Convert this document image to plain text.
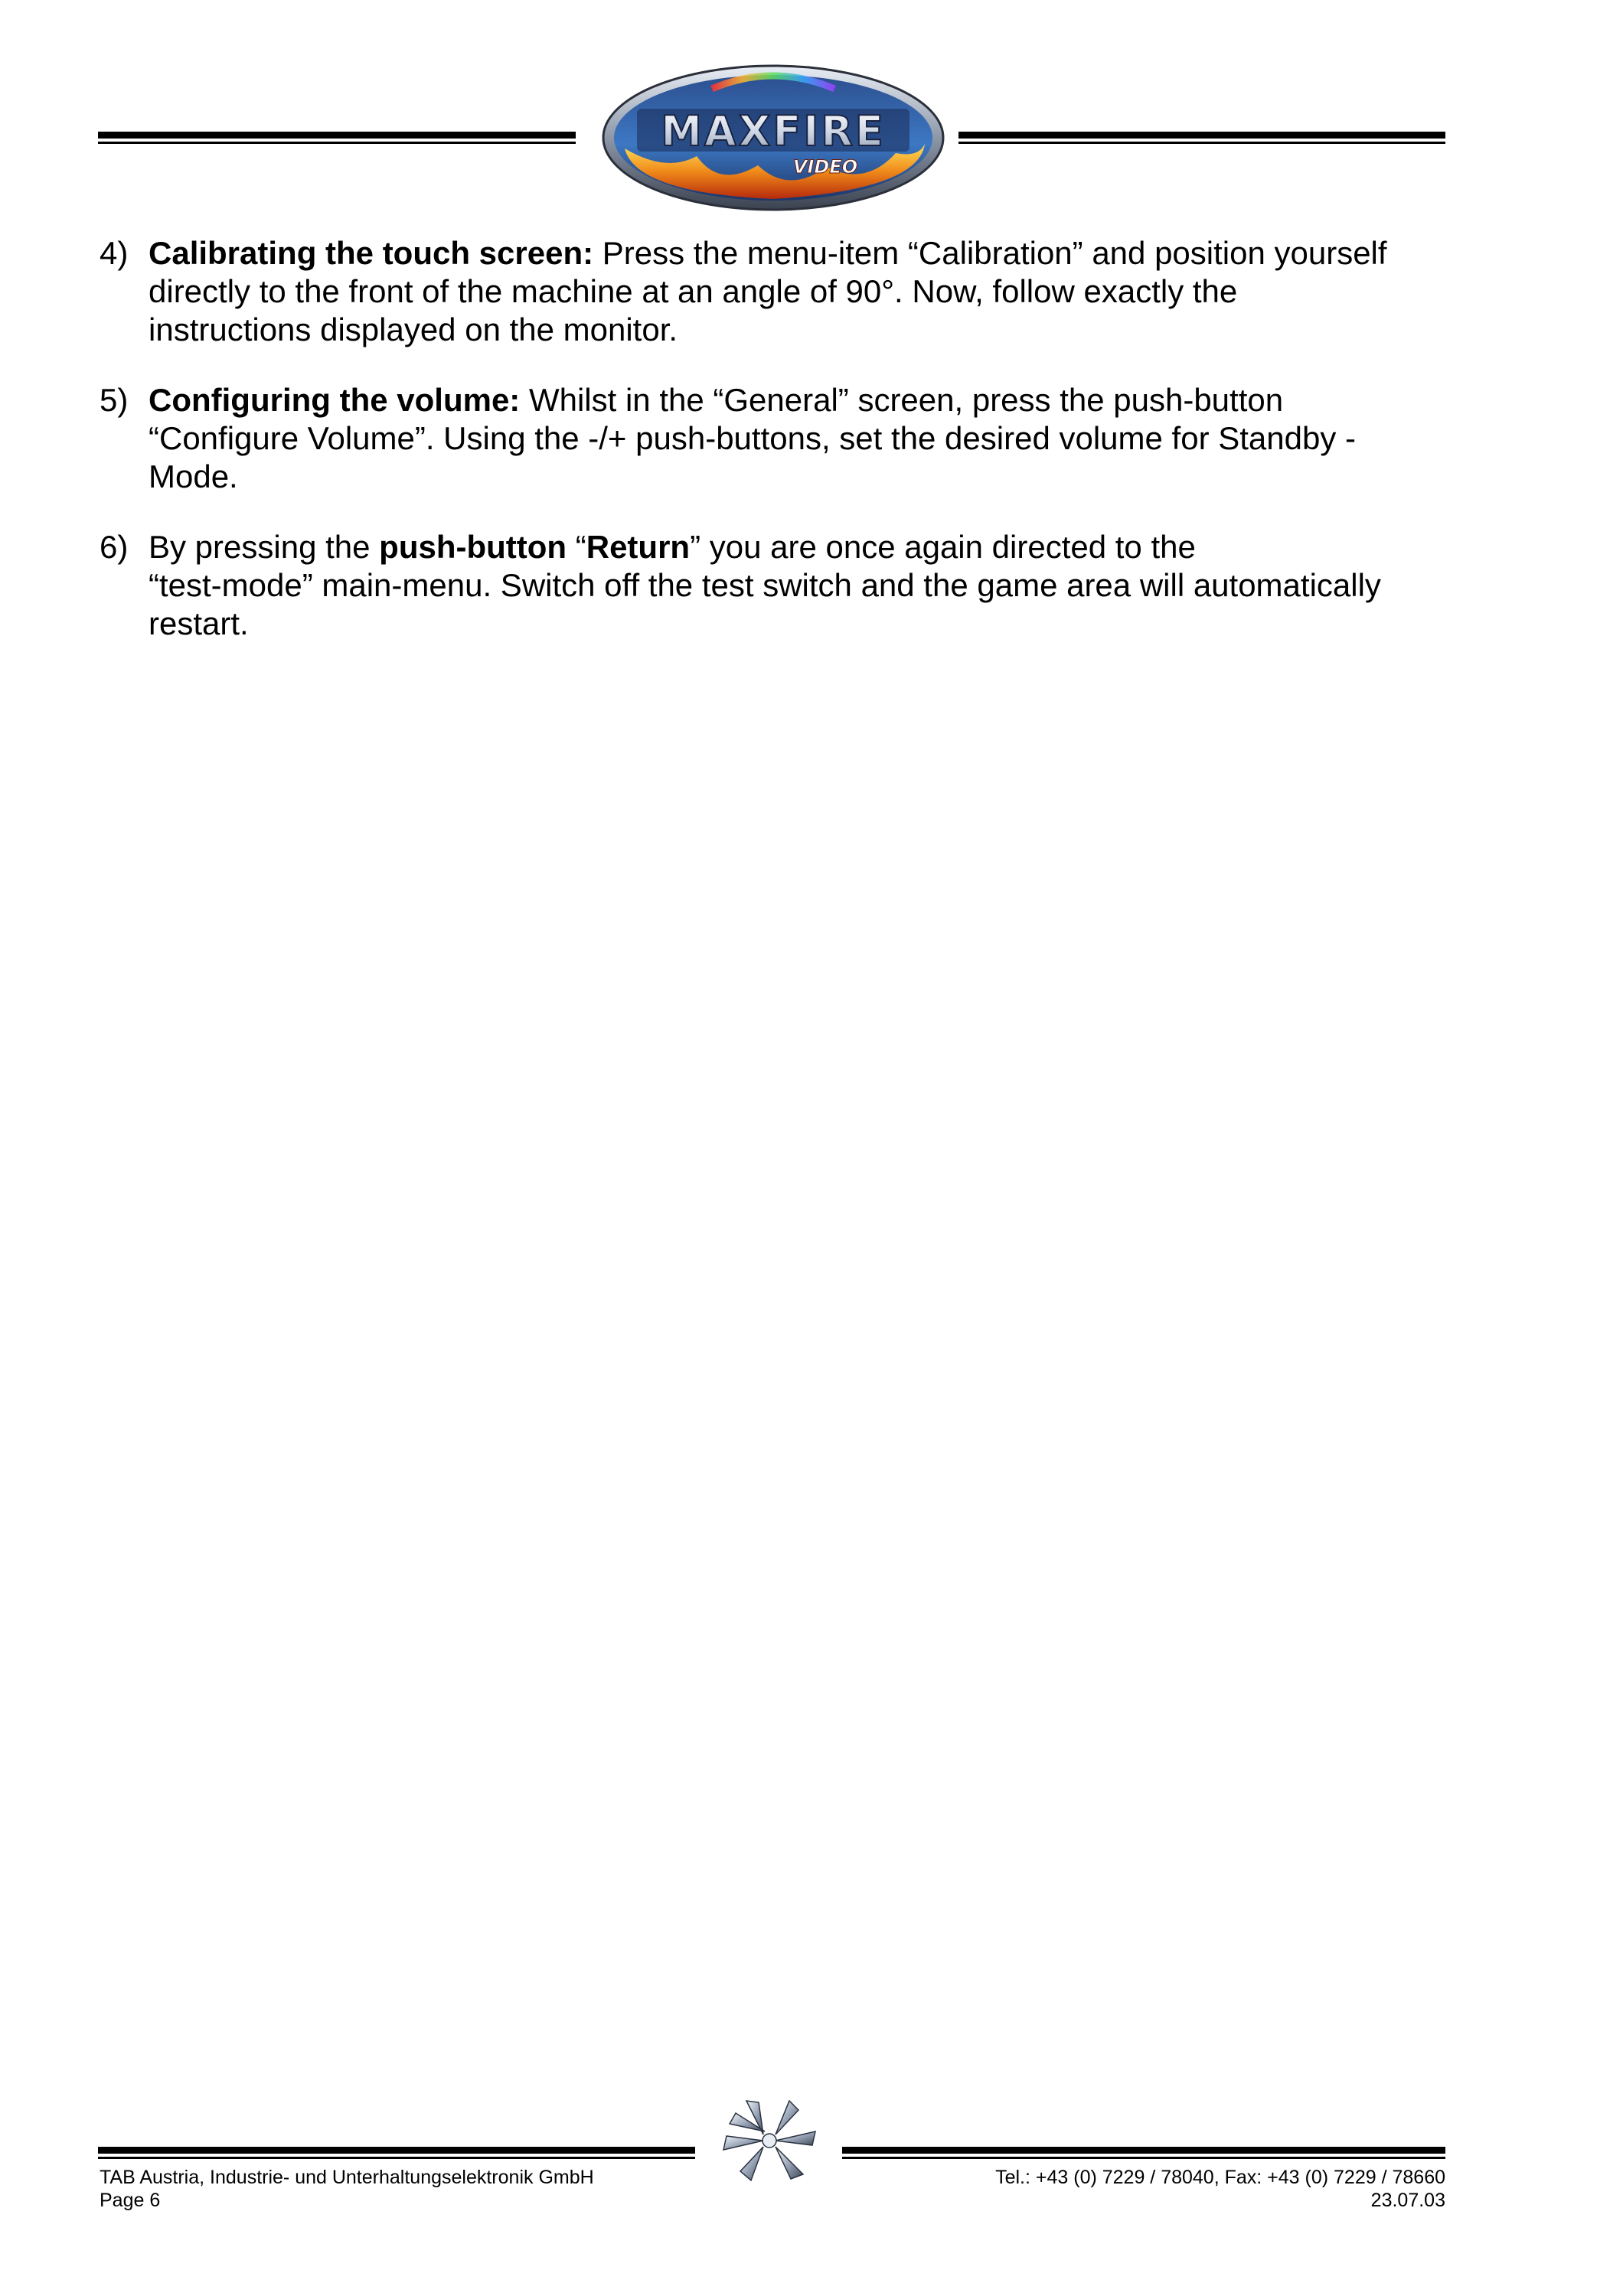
MAXFIRE
VIDEO
4) Calibrating the touch screen: Press the menu-item “Calibration” and position yourself
directly to the front of the machine at an angle of 90°. Now, follow exactly the
instructions displayed on the monitor.
5) Configuring the volume: Whilst in the “General” screen, press the push-button
“Configure Volume”. Using the -/+ push-buttons, set the desired volume for Standby -
Mode.
6) By pressing the push-button “Return” you are once again directed to the
“test-mode” main-menu. Switch off the test switch and the game area will automatically
restart.
TAB Austria, Industrie- und Unterhaltungselektronik GmbH
Page 6
Tel.: +43 (0) 7229 / 78040, Fax: +43 (0) 7229 / 78660
23.07.03
